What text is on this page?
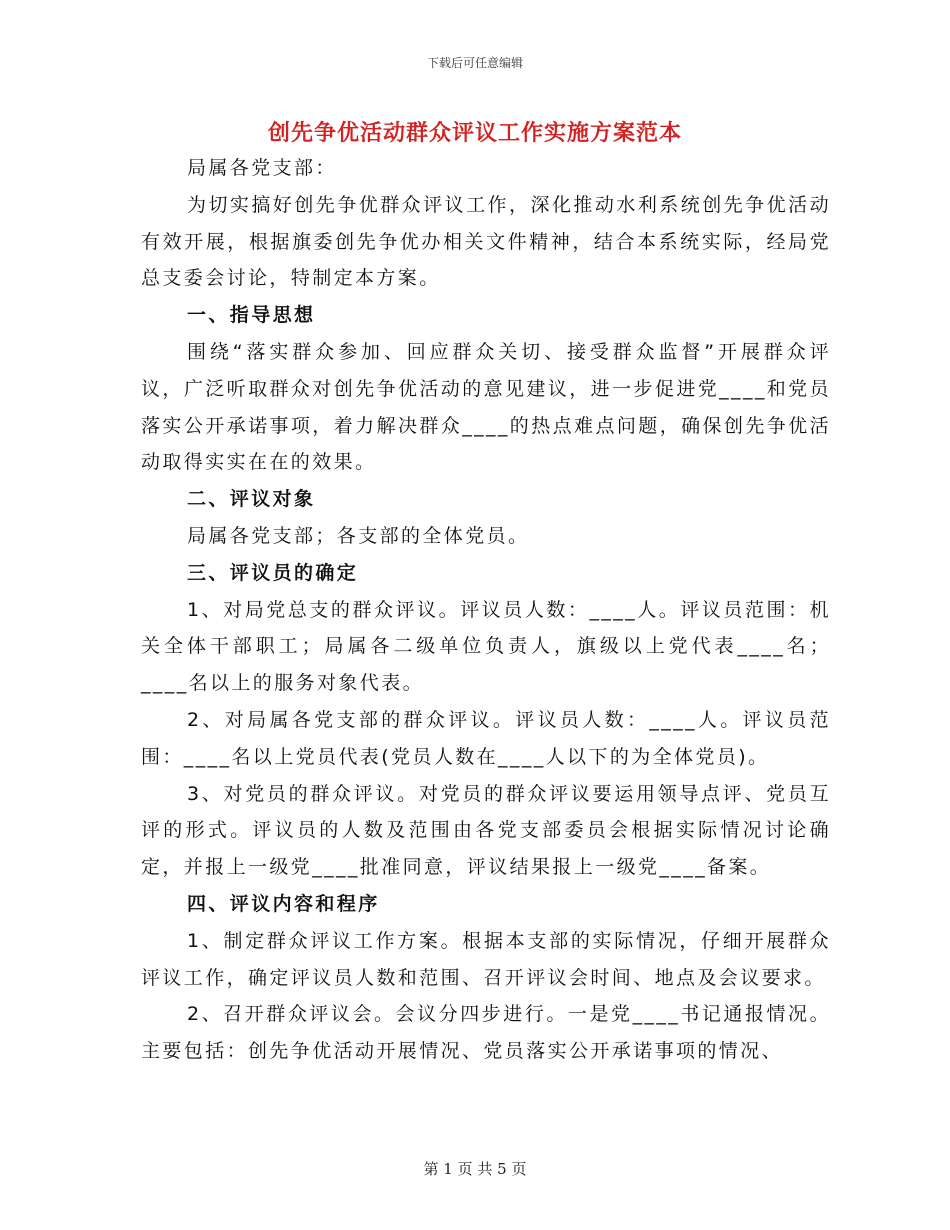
下载后可任意编辑
创先争优活动群众评议工作实施方案范本

局属各党支部：

为切实搞好创先争优群众评议工作，深化推动水利系统创先争优活动有效开展，根据旗委创先争优办相关文件精神，结合本系统实际，经局党总支委会讨论，特制定本方案。

一、指导思想

围绕“落实群众参加、回应群众关切、接受群众监督”开展群众评议，广泛听取群众对创先争优活动的意见建议，进一步促进党____和党员落实公开承诺事项，着力解决群众____的热点难点问题，确保创先争优活动取得实实在在的效果。

二、评议对象

局属各党支部；各支部的全体党员。

三、评议员的确定

1、对局党总支的群众评议。评议员人数：____人。评议员范围：机关全体干部职工；局属各二级单位负责人，旗级以上党代表____名；____名以上的服务对象代表。

2、对局属各党支部的群众评议。评议员人数：____人。评议员范围：____名以上党员代表(党员人数在____人以下的为全体党员)。

3、对党员的群众评议。对党员的群众评议要运用领导点评、党员互评的形式。评议员的人数及范围由各党支部委员会根据实际情况讨论确定，并报上一级党____批准同意，评议结果报上一级党____备案。

四、评议内容和程序

1、制定群众评议工作方案。根据本支部的实际情况，仔细开展群众评议工作，确定评议员人数和范围、召开评议会时间、地点及会议要求。

2、召开群众评议会。会议分四步进行。一是党____书记通报情况。主要包括：创先争优活动开展情况、党员落实公开承诺事项的情况、

第 1 页 共 5 页
